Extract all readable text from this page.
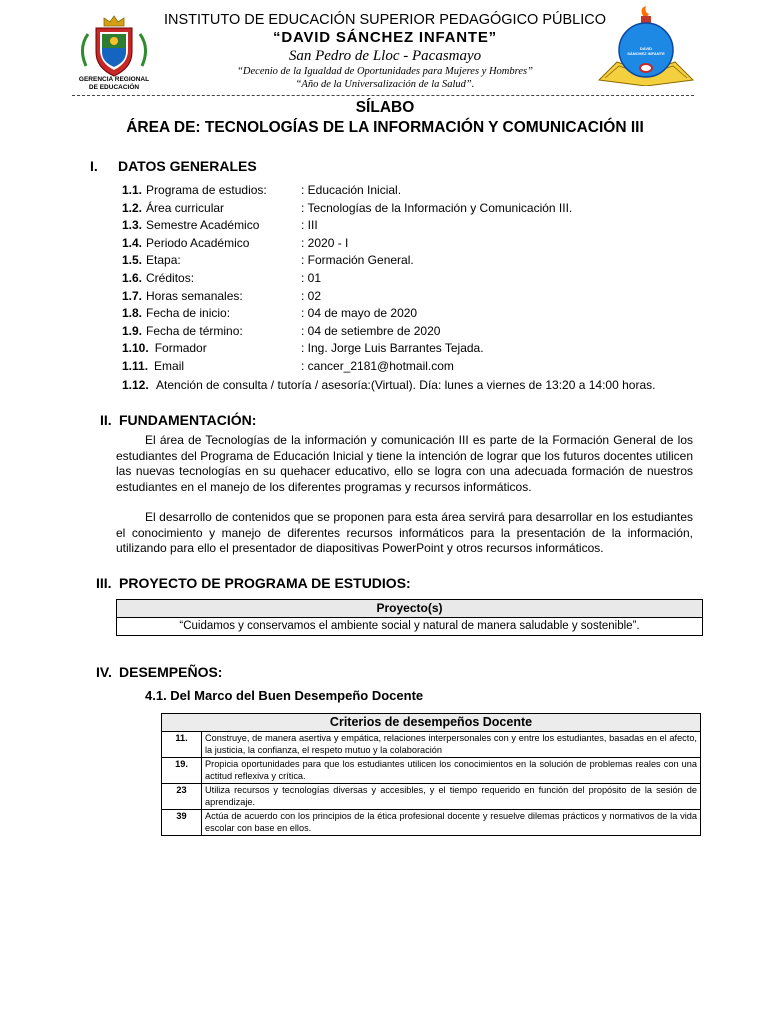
GERENCIA REGIONAL
DE EDUCACIÓN
DAVID
SÁNCHEZ INFANTE
INSTITUTO DE EDUCACIÓN SUPERIOR PEDAGÓGICO PÚBLICO
“DAVID SÁNCHEZ INFANTE”
San Pedro de Lloc - Pacasmayo
“Decenio de la Igualdad de Oportunidades para Mujeres y Hombres”
“Año de la Universalización de la Salud”.
SÍLABO
ÁREA DE: TECNOLOGÍAS DE LA INFORMACIÓN Y COMUNICACIÓN III
I. DATOS GENERALES
1.1. Programa de estudios:	: Educación Inicial.
1.2. Área curricular	: Tecnologías de la Información y Comunicación III.
1.3. Semestre Académico	: III
1.4. Periodo Académico	: 2020 - I
1.5. Etapa:	: Formación General.
1.6. Créditos:	: 01
1.7. Horas semanales:	: 02
1.8. Fecha de inicio:	: 04 de mayo de 2020
1.9. Fecha de término:	: 04 de setiembre de 2020
1.10. Formador	: Ing. Jorge Luis Barrantes Tejada.
1.11. Email	: cancer_2181@hotmail.com
1.12. Atención de consulta / tutoría / asesoría:(Virtual). Día: lunes a viernes de 13:20 a 14:00 horas.
II. FUNDAMENTACIÓN:
El área de Tecnologías de la información y comunicación III es parte de la Formación General de los estudiantes del Programa de Educación Inicial y tiene la intención de lograr que los futuros docentes utilicen las nuevas tecnologías en su quehacer educativo, ello se logra con una adecuada formación de nuestros estudiantes en el manejo de los diferentes programas y recursos informáticos.
El desarrollo de contenidos que se proponen para esta área servirá para desarrollar en los estudiantes el conocimiento y manejo de diferentes recursos informáticos para la presentación de la información, utilizando para ello el presentador de diapositivas PowerPoint y otros recursos informáticos.
III. PROYECTO DE PROGRAMA DE ESTUDIOS:
Proyecto(s)
“Cuidamos y conservamos el ambiente social y natural de manera saludable y sostenible”.
IV. DESEMPEÑOS:
4.1. Del Marco del Buen Desempeño Docente
Criterios de desempeños Docente	
11.	Construye, de manera asertiva y empática, relaciones interpersonales con y entre los estudiantes, basadas en el afecto, la justicia, la confianza, el respeto mutuo y la colaboración
19.	Propicia oportunidades para que los estudiantes utilicen los conocimientos en la solución de problemas reales con una actitud reflexiva y crítica.
23	Utiliza recursos y tecnologías diversas y accesibles, y el tiempo requerido en función del propósito de la sesión de aprendizaje.
39	Actúa de acuerdo con los principios de la ética profesional docente y resuelve dilemas prácticos y normativos de la vida escolar con base en ellos.
